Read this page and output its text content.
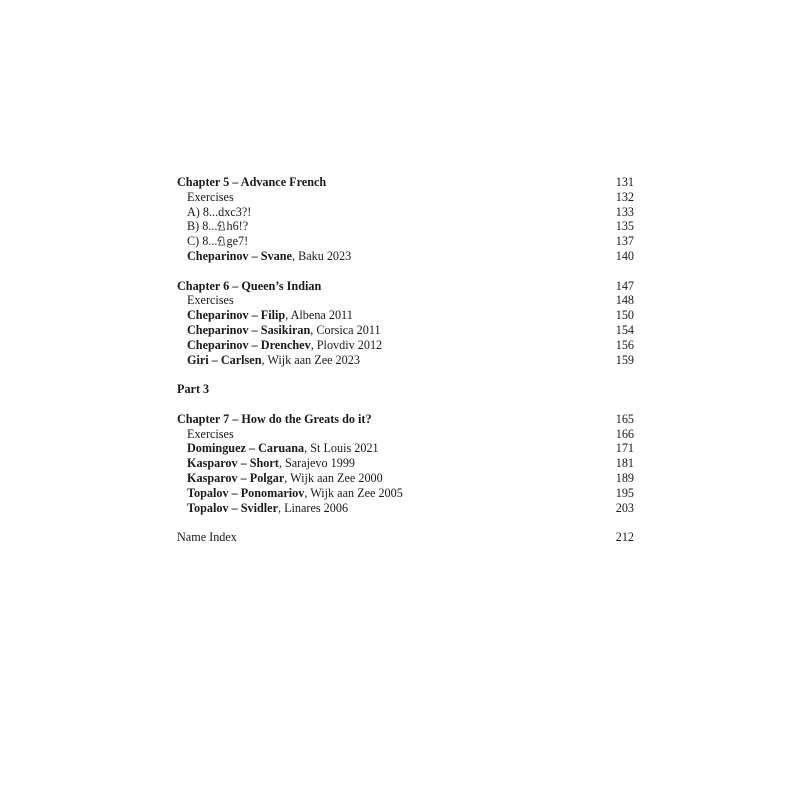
Chapter 5 – Advance French	131
Exercises	132
A) 8...dxc3?!	133
B) 8... h6!?	135
C) 8... ge7!	137
Cheparinov – Svane, Baku 2023	140
Chapter 6 – Queen’s Indian	147
Exercises	148
Cheparinov – Filip, Albena 2011	150
Cheparinov – Sasikiran, Corsica 2011	154
Cheparinov – Drenchev, Plovdiv 2012	156
Giri – Carlsen, Wijk aan Zee 2023	159
Part 3
Chapter 7 – How do the Greats do it?	165
Exercises	166
Dominguez – Caruana, St Louis 2021	171
Kasparov – Short, Sarajevo 1999	181
Kasparov – Polgar, Wijk aan Zee 2000	189
Topalov – Ponomariov, Wijk aan Zee 2005	195
Topalov – Svidler, Linares 2006	203
Name Index	212
